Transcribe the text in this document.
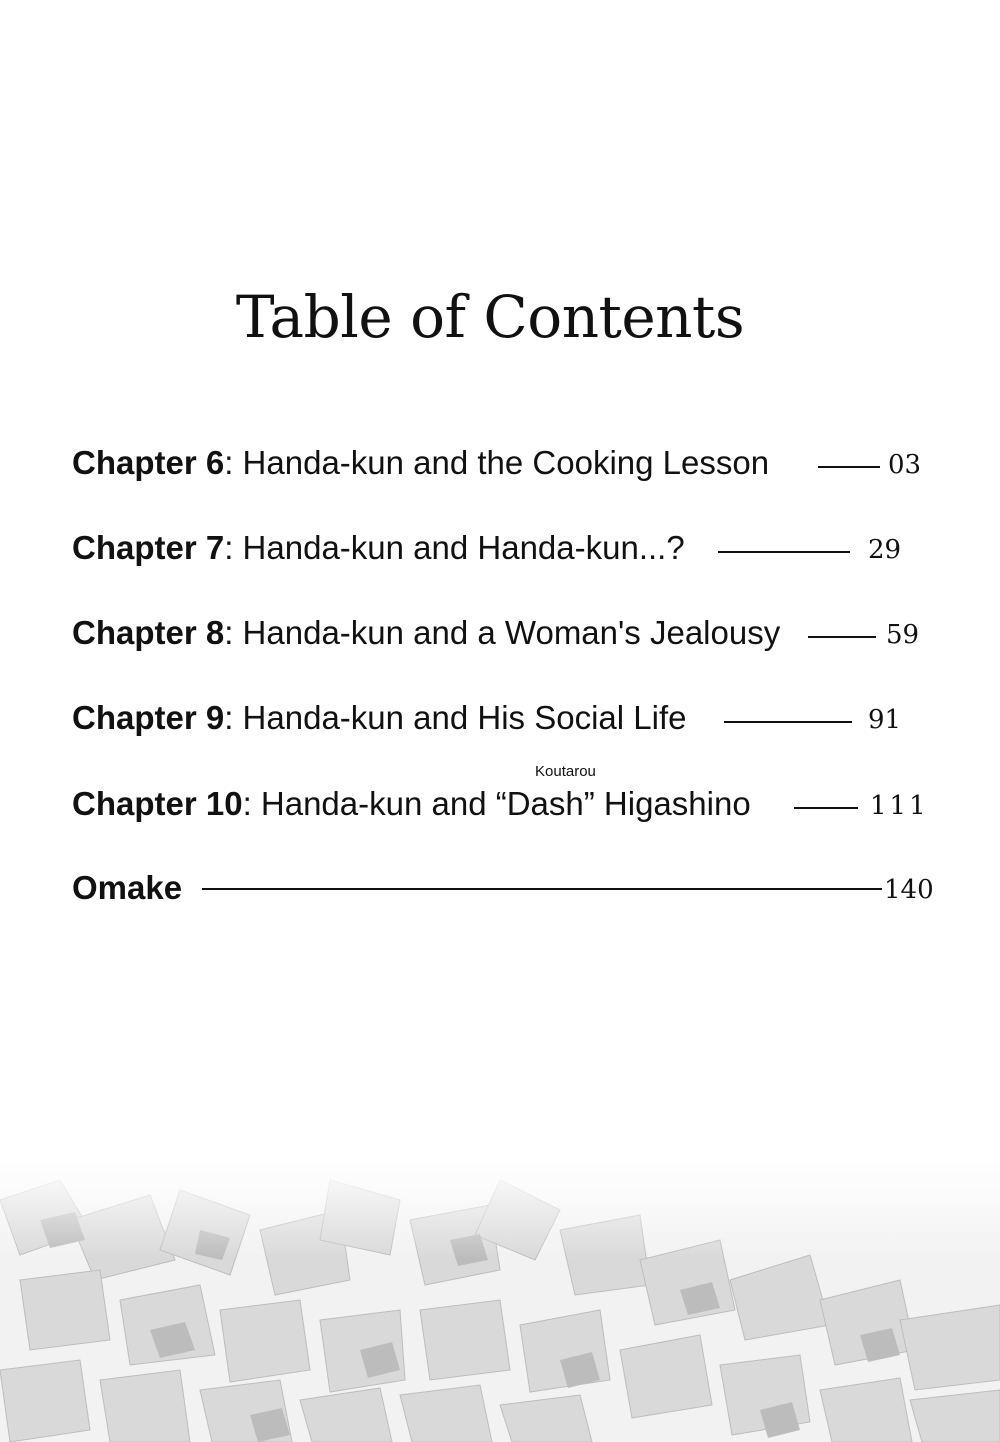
Table of Contents
Chapter 6: Handa-kun and the Cooking Lesson	03
Chapter 7: Handa-kun and Handa-kun...?	29
Chapter 8: Handa-kun and a Woman's Jealousy	59
Chapter 9: Handa-kun and His Social Life	91
Koutarou
Chapter 10: Handa-kun and “Dash” Higashino	111
Omake	140
